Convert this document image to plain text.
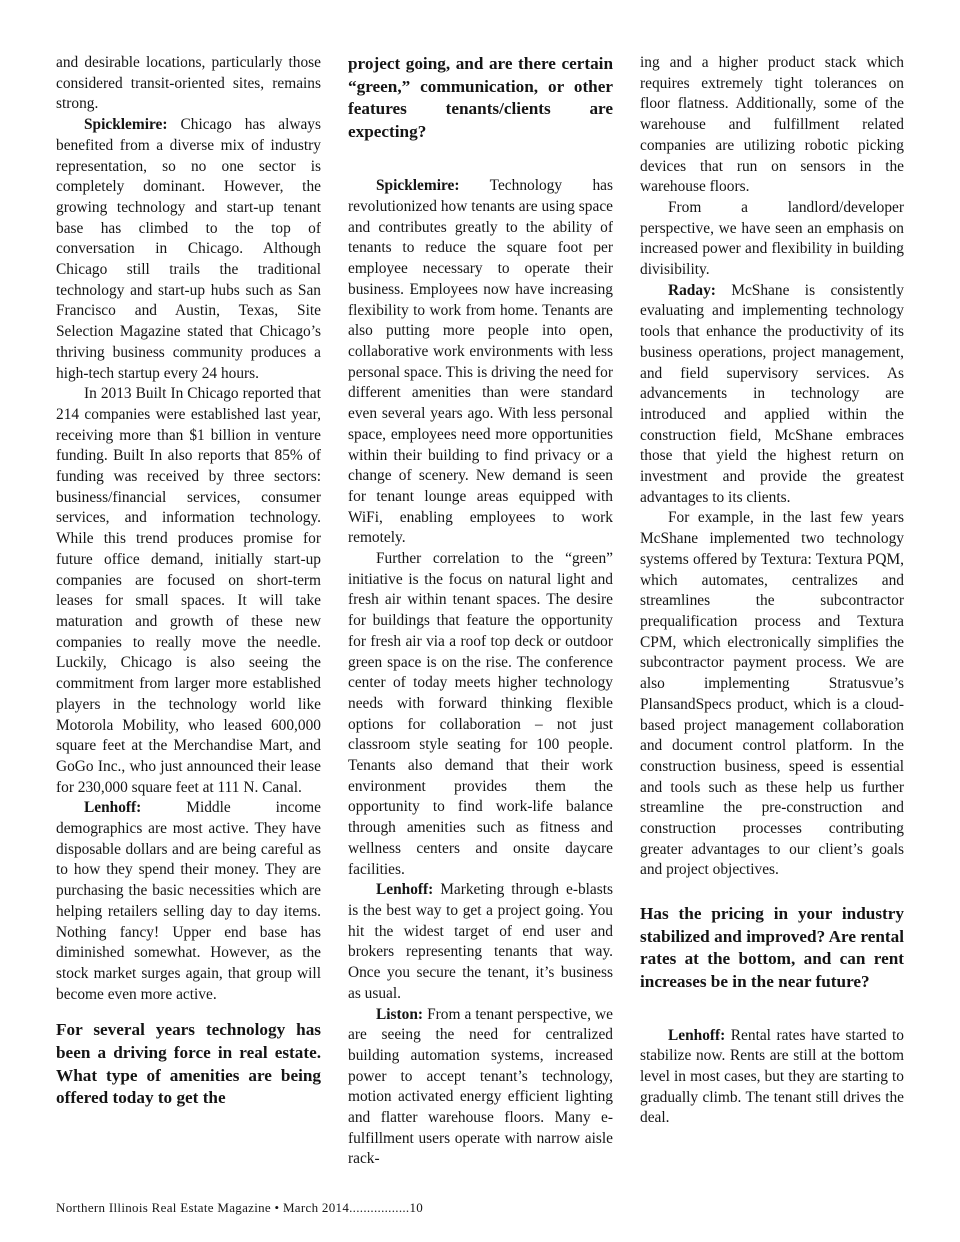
and desirable locations, particularly those considered transit-oriented sites, remains strong.

Spicklemire: Chicago has always benefited from a diverse mix of industry representation, so no one sector is completely dominant. However, the growing technology and start-up tenant base has climbed to the top of conversation in Chicago. Although Chicago still trails the traditional technology and start-up hubs such as San Francisco and Austin, Texas, Site Selection Magazine stated that Chicago’s thriving business community produces a high-tech startup every 24 hours.

In 2013 Built In Chicago reported that 214 companies were established last year, receiving more than $1 billion in venture funding. Built In also reports that 85% of funding was received by three sectors: business/financial services, consumer services, and information technology. While this trend produces promise for future office demand, initially start-up companies are focused on short-term leases for small spaces. It will take maturation and growth of these new companies to really move the needle. Luckily, Chicago is also seeing the commitment from larger more established players in the technology world like Motorola Mobility, who leased 600,000 square feet at the Merchandise Mart, and GoGo Inc., who just announced their lease for 230,000 square feet at 111 N. Canal.

Lenhoff: Middle income demographics are most active. They have disposable dollars and are being careful as to how they spend their money. They are purchasing the basic necessities which are helping retailers selling day to day items. Nothing fancy! Upper end base has diminished somewhat. However, as the stock market surges again, that group will become even more active.

For several years technology has been a driving force in real estate. What type of amenities are being offered today to get the
project going, and are there certain “green,” communication, or other features tenants/clients are expecting?

Spicklemire: Technology has revolutionized how tenants are using space and contributes greatly to the ability of tenants to reduce the square foot per employee necessary to operate their business. Employees now have increasing flexibility to work from home. Tenants are also putting more people into open, collaborative work environments with less personal space. This is driving the need for different amenities than were standard even several years ago. With less personal space, employees need more opportunities within their building to find privacy or a change of scenery. New demand is seen for tenant lounge areas equipped with WiFi, enabling employees to work remotely.

Further correlation to the “green” initiative is the focus on natural light and fresh air within tenant spaces. The desire for buildings that feature the opportunity for fresh air via a roof top deck or outdoor green space is on the rise. The conference center of today meets higher technology needs with forward thinking flexible options for collaboration – not just classroom style seating for 100 people. Tenants also demand that their work environment provides them the opportunity to find work-life balance through amenities such as fitness and wellness centers and onsite daycare facilities.

Lenhoff: Marketing through e-blasts is the best way to get a project going. You hit the widest target of end user and brokers representing tenants that way. Once you secure the tenant, it’s business as usual.

Liston: From a tenant perspective, we are seeing the need for centralized building automation systems, increased power to accept tenant’s technology, motion activated energy efficient lighting and flatter warehouse floors. Many e-fulfillment users operate with narrow aisle rack-

ing and a higher product stack which requires extremely tight tolerances on floor flatness. Additionally, some of the warehouse and fulfillment related companies are utilizing robotic picking devices that run on sensors in the warehouse floors.

From a landlord/developer perspective, we have seen an emphasis on increased power and flexibility in building divisibility.

Raday: McShane is consistently evaluating and implementing technology tools that enhance the productivity of its business operations, project management, and field supervisory services. As advancements in technology are introduced and applied within the construction field, McShane embraces those that yield the highest return on investment and provide the greatest advantages to its clients.

For example, in the last few years McShane implemented two technology systems offered by Textura: Textura PQM, which automates, centralizes and streamlines the subcontractor prequalification process and Textura CPM, which electronically simplifies the subcontractor payment process. We are also implementing Stratusvue’s PlansandSpecs product, which is a cloud-based project management collaboration and document control platform. In the construction business, speed is essential and tools such as these help us further streamline the pre-construction and construction processes contributing greater advantages to our client’s goals and project objectives.

Has the pricing in your industry stabilized and improved? Are rental rates at the bottom, and can rent increases be in the near future?

Lenhoff: Rental rates have started to stabilize now. Rents are still at the bottom level in most cases, but they are starting to gradually climb. The tenant still drives the deal.

Northern Illinois Real Estate Magazine • March 2014.................10
